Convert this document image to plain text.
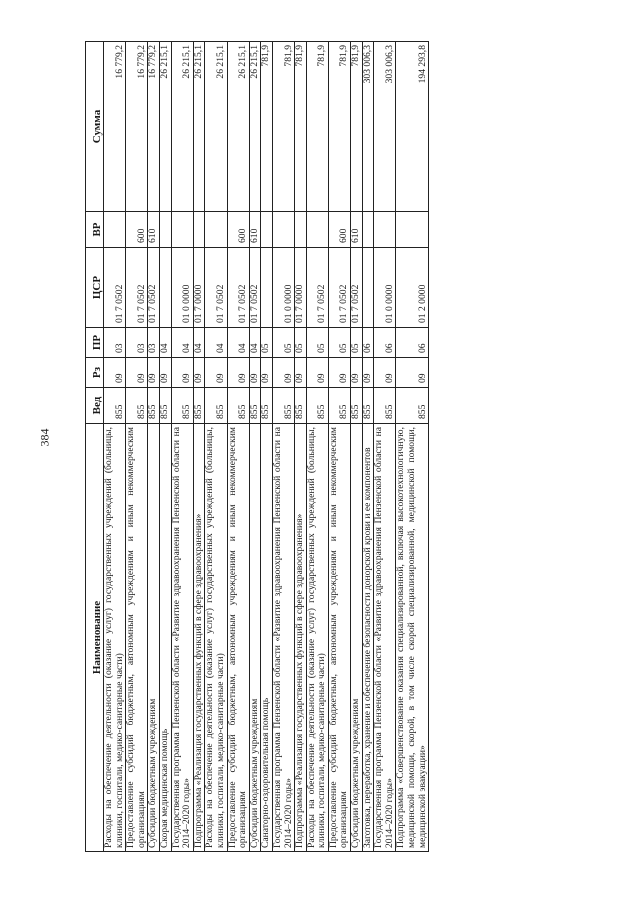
384
Наименование	Вед	Рз	ПР	ЦСР	ВР	Сумма
Расходы на обеспечение деятельности (оказание услуг) государственных учреждений (больницы, клиники, госпитали, медико-санитарные части)	855	09	03	01 7 0502		16 779,2
Предоставление субсидий бюджетным, автономным учреждениям и иным некоммерческим организациям	855	09	03	01 7 0502	600	16 779,2
Субсидии бюджетным учреждениям	855	09	03	01 7 0502	610	16 779,2
Скорая медицинская помощь	855	09	04			26 215,1
Государственная программа Пензенской области «Развитие здравоохранения Пензенской области на 2014–2020 годы»	855	09	04	01 0 0000		26 215,1
Подпрограмма «Реализация государственных функций в сфере здравоохранения»	855	09	04	01 7 0000		26 215,1
Расходы на обеспечение деятельности (оказание услуг) государственных учреждений (больницы, клиники, госпитали, медико-санитарные части)	855	09	04	01 7 0502		26 215,1
Предоставление субсидий бюджетным, автономным учреждениям и иным некоммерческим организациям	855	09	04	01 7 0502	600	26 215,1
Субсидии бюджетным учреждениям	855	09	04	01 7 0502	610	26 215,1
Санаторно-оздоровительная помощь	855	09	05			781,9
Государственная программа Пензенской области «Развитие здравоохранения Пензенской области на 2014–2020 годы»	855	09	05	01 0 0000		781,9
Подпрограмма «Реализация государственных функций в сфере здравоохранения»	855	09	05	01 7 0000		781,9
Расходы на обеспечение деятельности (оказание услуг) государственных учреждений (больницы, клиники, госпитали, медико-санитарные части)	855	09	05	01 7 0502		781,9
Предоставление субсидий бюджетным, автономным учреждениям и иным некоммерческим организациям	855	09	05	01 7 0502	600	781,9
Субсидии бюджетным учреждениям	855	09	05	01 7 0502	610	781,9
Заготовка, переработка, хранение и обеспечение безопасности донорской крови и ее компонентов	855	09	06			303 006,3
Государственная программа Пензенской области «Развитие здравоохранения Пензенской области на 2014–2020 годы»	855	09	06	01 0 0000		303 006,3
Подпрограмма «Совершенствование оказания специализированной, включая высокотехнологичную, медицинской помощи, скорой, в том числе скорой специализированной, медицинской помощи, медицинской эвакуации»	855	09	06	01 2 0000		194 293,8
